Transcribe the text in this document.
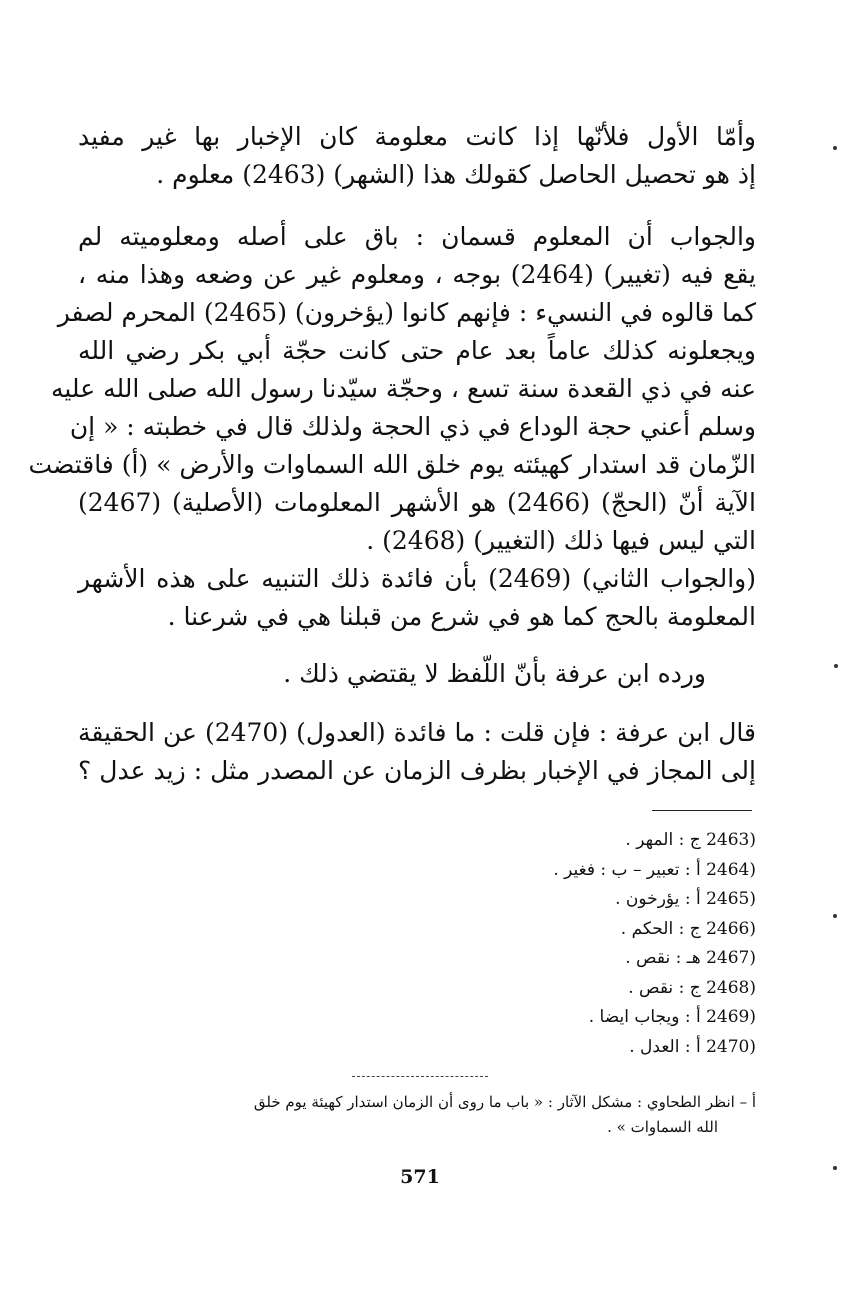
وأمّا الأول فلأنّها إذا كانت معلومة كان الإخبار بها غير مفيد
إذ هو تحصيل الحاصل كقولك هذا (الشهر) (2463) معلوم .
والجواب أن المعلوم قسمان : باق على أصله ومعلوميته لم
يقع فيه (تغيير) (2464) بوجه ، ومعلوم غير عن وضعه وهذا منه ،
كما قالوه في النسيء : فإنهم كانوا (يؤخرون) (2465) المحرم لصفر
ويجعلونه كذلك عاماً بعد عام حتى كانت حجّة أبي بكر رضي الله
عنه في ذي القعدة سنة تسع ، وحجّة سيّدنا رسول الله صلى الله عليه
وسلم أعني حجة الوداع في ذي الحجة ولذلك قال في خطبته : « إن
الزّمان قد استدار كهيئته يوم خلق الله السماوات والأرض » (أ) فاقتضت
الآية أنّ (الحجّ) (2466) هو الأشهر المعلومات (الأصلية) (2467)
التي ليس فيها ذلك (التغيير) (2468) .
(والجواب الثاني) (2469) بأن فائدة ذلك التنبيه على هذه الأشهر
المعلومة بالحج كما هو في شرع من قبلنا هي في شرعنا .
ورده ابن عرفة بأنّ اللّفظ لا يقتضي ذلك .
قال ابن عرفة : فإن قلت : ما فائدة (العدول) (2470) عن الحقيقة
إلى المجاز في الإخبار بظرف الزمان عن المصدر مثل : زيد عدل ؟
(2463 ج : المهر .
(2464 أ : تعبير – ب : فغير .
(2465 أ : يؤرخون .
(2466 ج : الحكم .
(2467 هـ : نقص .
(2468 ج : نقص .
(2469 أ : ويجاب ايضا .
(2470 أ : العدل .
أ – انظر الطحاوي : مشكل الآثار : « باب ما روى أن الزمان استدار كهيئة يوم خلق
الله السماوات » .
571
